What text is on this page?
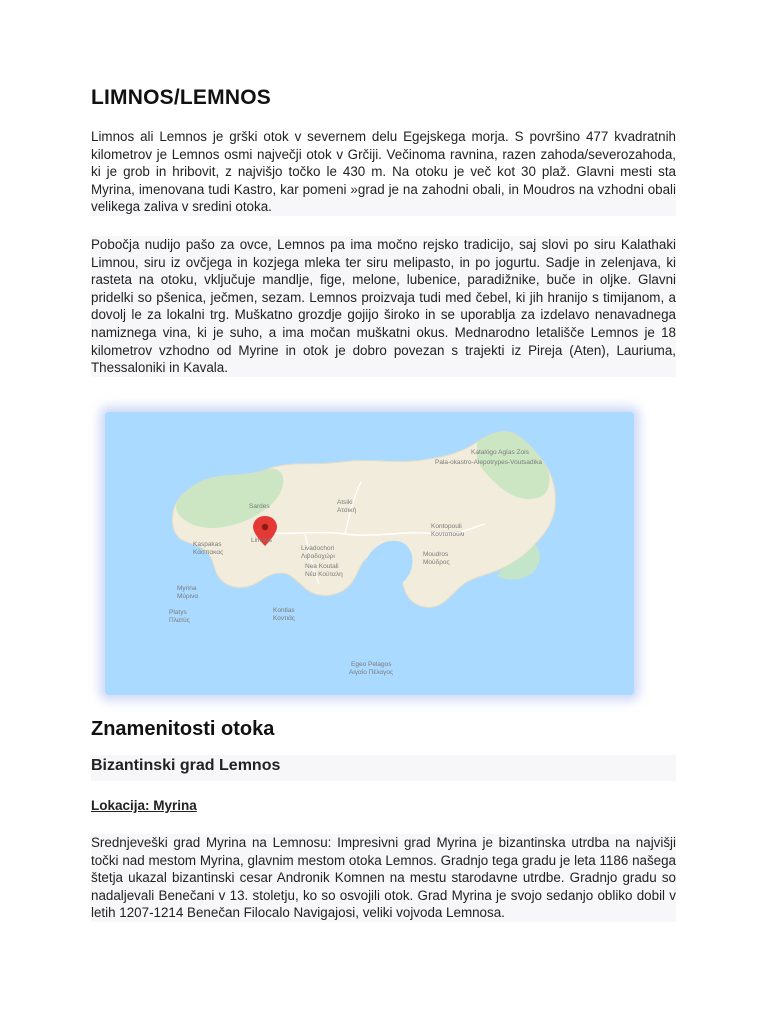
LIMNOS/LEMNOS

Limnos ali Lemnos je grški otok v severnem delu Egejskega morja. S površino 477 kvadratnih kilometrov je Lemnos osmi največji otok v Grčiji. Večinoma ravnina, razen zahoda/severozahoda, ki je grob in hribovit, z najvišjo točko le 430 m. Na otoku je več kot 30 plaž. Glavni mesti sta Myrina, imenovana tudi Kastro, kar pomeni »grad je na zahodni obali, in Moudros na vzhodni obali velikega zaliva v sredini otoka.

Pobočja nudijo pašo za ovce, Lemnos pa ima močno rejsko tradicijo, saj slovi po siru Kalathaki Limnou, siru iz ovčjega in kozjega mleka ter siru melipasto, in po jogurtu. Sadje in zelenjava, ki rasteta na otoku, vključuje mandlje, fige, melone, lubenice, paradižnike, buče in oljke. Glavni pridelki so pšenica, ječmen, sezam. Lemnos proizvaja tudi med čebel, ki jih hranijo s timijanom, a dovolj le za lokalni trg. Muškatno grozdje gojijo široko in se uporablja za izdelavo nenavadnega namiznega vina, ki je suho, a ima močan muškatni okus. Mednarodno letališče Lemnos je 18 kilometrov vzhodno od Myrine in otok je dobro povezan s trajekti iz Pireja (Aten), Lauriuma, Thessaloniki in Kavala.

Katalógo Agías Zois
Pala-okastro-Alepotrypes-Voutsadika
Atsiki
Ατσική
Sardes
Limnos
Kontopouli
Κοντοπούλι
Kaspakas
Κάσπακας
Livadochori
Λιβαδοχώρι
Nea Koutali
Νέα Κούταλη
Moudros
Μούδρος
Myrina
Μύρινα
Platys
Πλατύς
Kontias
Κοντιάς
Egeo Pelagos
Αιγαίο Πέλαγος
Znamenitosti otoka
Bizantinski grad Lemnos

Lokacija: Myrina

Srednjeveški grad Myrina na Lemnosu: Impresivni grad Myrina je bizantinska utrdba na najvišji točki nad mestom Myrina, glavnim mestom otoka Lemnos. Gradnjo tega gradu je leta 1186 našega štetja ukazal bizantinski cesar Andronik Komnen na mestu starodavne utrdbe. Gradnjo gradu so nadaljevali Benečani v 13. stoletju, ko so osvojili otok. Grad Myrina je svojo sedanjo obliko dobil v letih 1207-1214 Benečan Filocalo Navigajosi, veliki vojvoda Lemnosa.
